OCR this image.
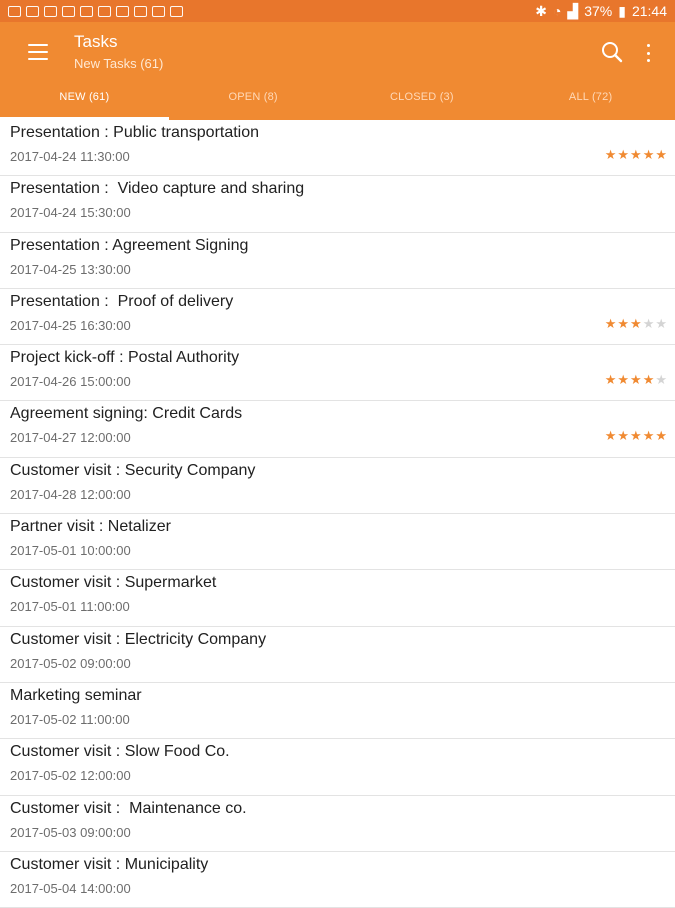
✱ ◔ ▟ 37% ▮ 21:44
Tasks
New Tasks (61)
NEW (61)	OPEN (8)	CLOSED (3)	ALL (72)
Presentation : Public transportation
2017-04-24 11:30:00	★ ★ ★ ★ ★
Presentation :  Video capture and sharing
2017-04-24 15:30:00
Presentation : Agreement Signing
2017-04-25 13:30:00
Presentation :  Proof of delivery
2017-04-25 16:30:00	★ ★ ★ ★ ★
Project kick-off : Postal Authority
2017-04-26 15:00:00	★ ★ ★ ★ ★
Agreement signing: Credit Cards
2017-04-27 12:00:00	★ ★ ★ ★ ★
Customer visit : Security Company
2017-04-28 12:00:00
Partner visit : Netalizer
2017-05-01 10:00:00
Customer visit : Supermarket
2017-05-01 11:00:00
Customer visit : Electricity Company
2017-05-02 09:00:00
Marketing seminar
2017-05-02 11:00:00
Customer visit : Slow Food Co.
2017-05-02 12:00:00
Customer visit :  Maintenance co.
2017-05-03 09:00:00
Customer visit : Municipality
2017-05-04 14:00:00
